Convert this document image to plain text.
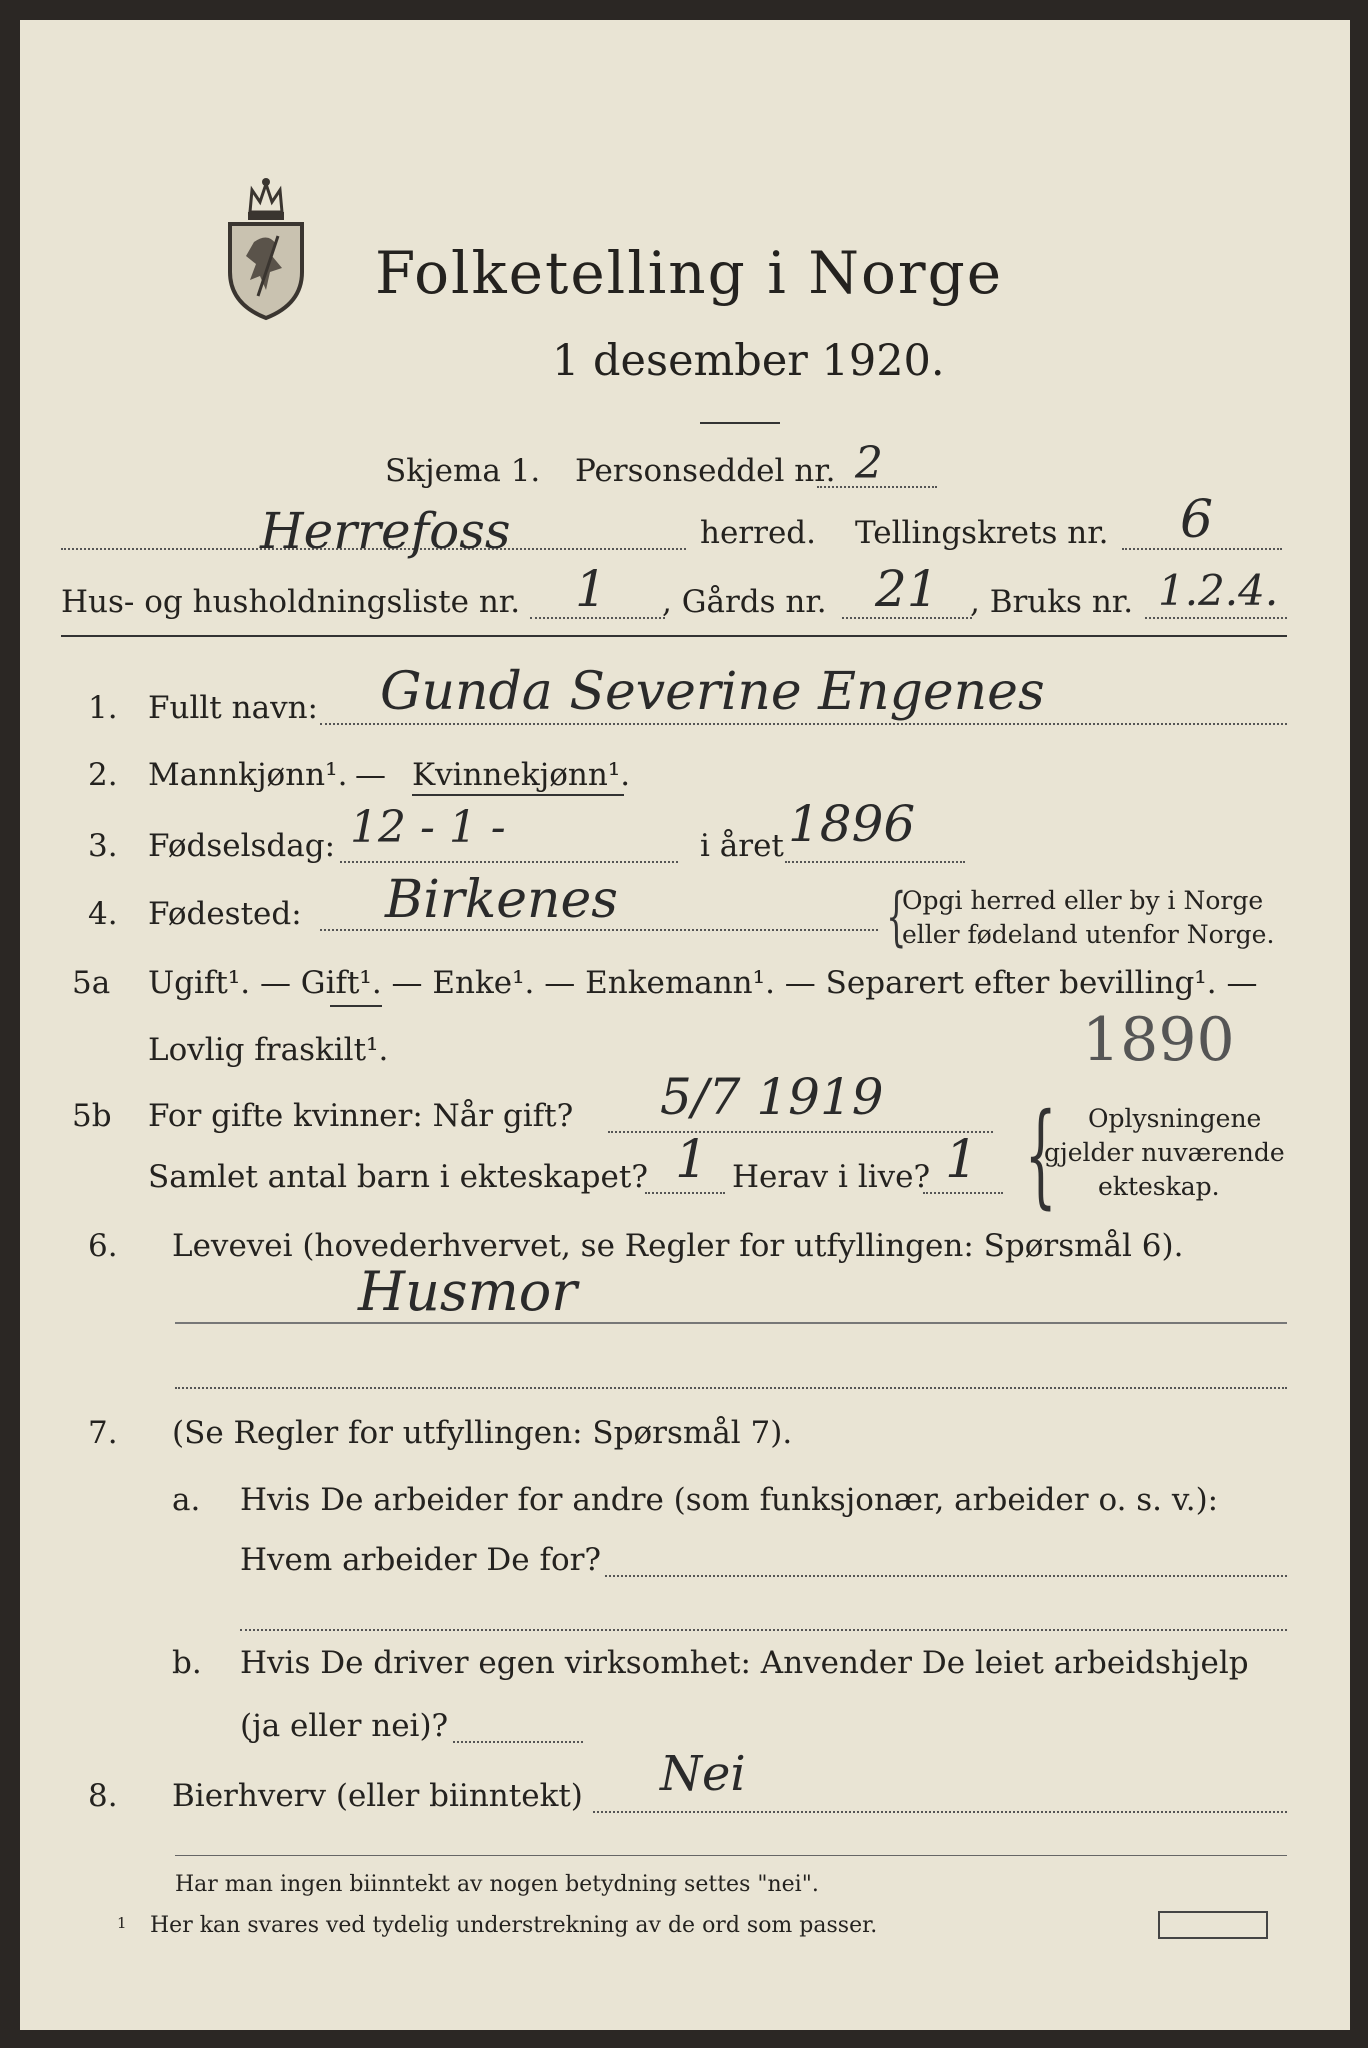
Folketelling i Norge
1 desember 1920.
Skjema 1. Personseddel nr. 2
Herrefoss	herred. Tellingskrets nr. 6
Hus- og husholdningsliste nr. 1 , Gårds nr. 21 , Bruks nr. 1.2.4.
1. Fullt navn: Gunda Severine Engenes
2. Mannkjønn¹. — Kvinnekjønn¹.
3. Fødselsdag: 12 - 1 -	i året 1896
4. Fødested: Birkenes	{
Opgi herred eller by i Norge
eller fødeland utenfor Norge.
5a Ugift¹. — Gift¹. — Enke¹. — Enkemann¹. — Separert efter bevilling¹. —
Lovlig fraskilt¹.	1890
5b For gifte kvinner: Når gift? 5/7 1919
Samlet antal barn i ekteskapet? 1 Herav i live? 1 { Oplysningene
gjelder nuværende
ekteskap.
6. Levevei (hovederhvervet, se Regler for utfyllingen: Spørsmål 6).
Husmor
7. (Se Regler for utfyllingen: Spørsmål 7).
a. Hvis De arbeider for andre (som funksjonær, arbeider o. s. v.):
Hvem arbeider De for?
b. Hvis De driver egen virksomhet: Anvender De leiet arbeidshjelp
(ja eller nei)?
8. Bierhverv (eller biinntekt) Nei
Har man ingen biinntekt av nogen betydning settes "nei".
1 Her kan svares ved tydelig understrekning av de ord som passer.
